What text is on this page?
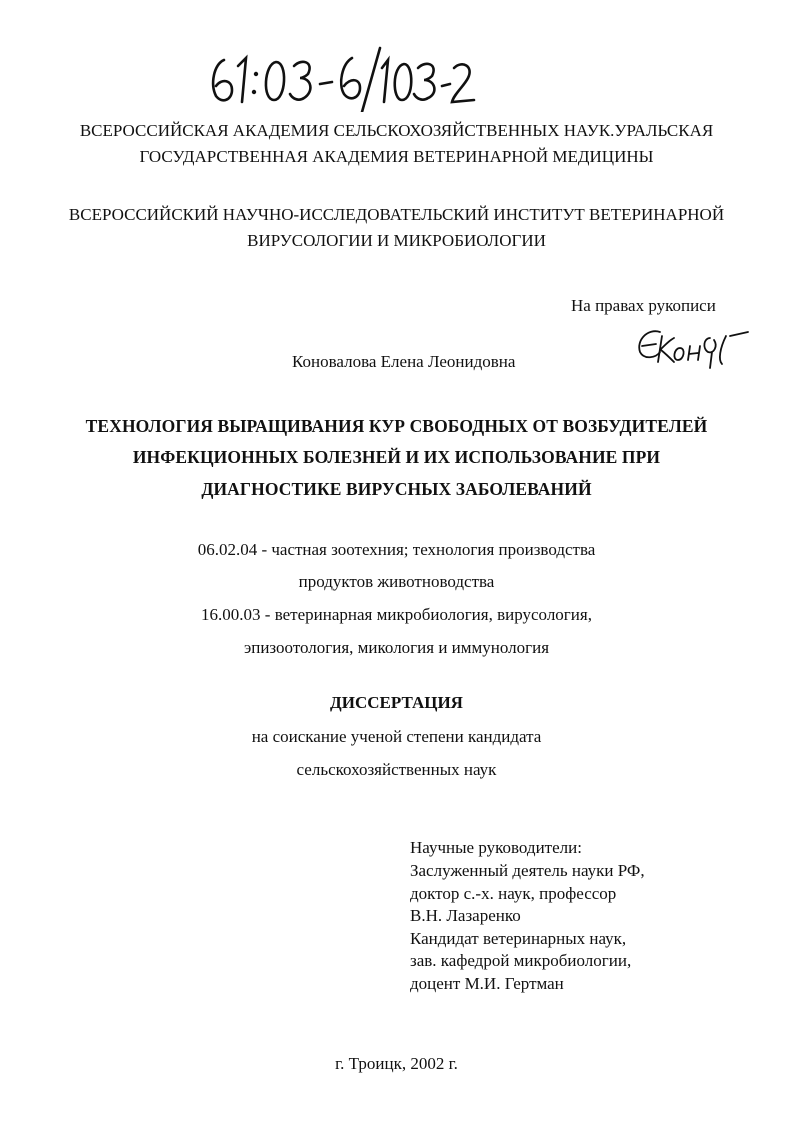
ВСЕРОССИЙСКАЯ АКАДЕМИЯ СЕЛЬСКОХОЗЯЙСТВЕННЫХ НАУК.УРАЛЬСКАЯ
ГОСУДАРСТВЕННАЯ АКАДЕМИЯ ВЕТЕРИНАРНОЙ МЕДИЦИНЫ
ВСЕРОССИЙСКИЙ НАУЧНО-ИССЛЕДОВАТЕЛЬСКИЙ ИНСТИТУТ ВЕТЕРИНАРНОЙ
ВИРУСОЛОГИИ И МИКРОБИОЛОГИИ
На правах рукописи
Коновалова Елена Леонидовна
ТЕХНОЛОГИЯ ВЫРАЩИВАНИЯ КУР СВОБОДНЫХ ОТ ВОЗБУДИТЕЛЕЙ
ИНФЕКЦИОННЫХ БОЛЕЗНЕЙ И ИХ ИСПОЛЬЗОВАНИЕ ПРИ
ДИАГНОСТИКЕ ВИРУСНЫХ ЗАБОЛЕВАНИЙ
06.02.04 - частная зоотехния; технология производства
продуктов животноводства
16.00.03 - ветеринарная микробиология, вирусология,
эпизоотология, микология и иммунология
ДИССЕРТАЦИЯ
на соискание ученой степени кандидата
сельскохозяйственных наук
Научные руководители:
Заслуженный деятель науки РФ,
доктор с.-х. наук, профессор
В.Н. Лазаренко
Кандидат ветеринарных наук,
зав. кафедрой микробиологии,
доцент М.И. Гертман
г. Троицк, 2002 г.
